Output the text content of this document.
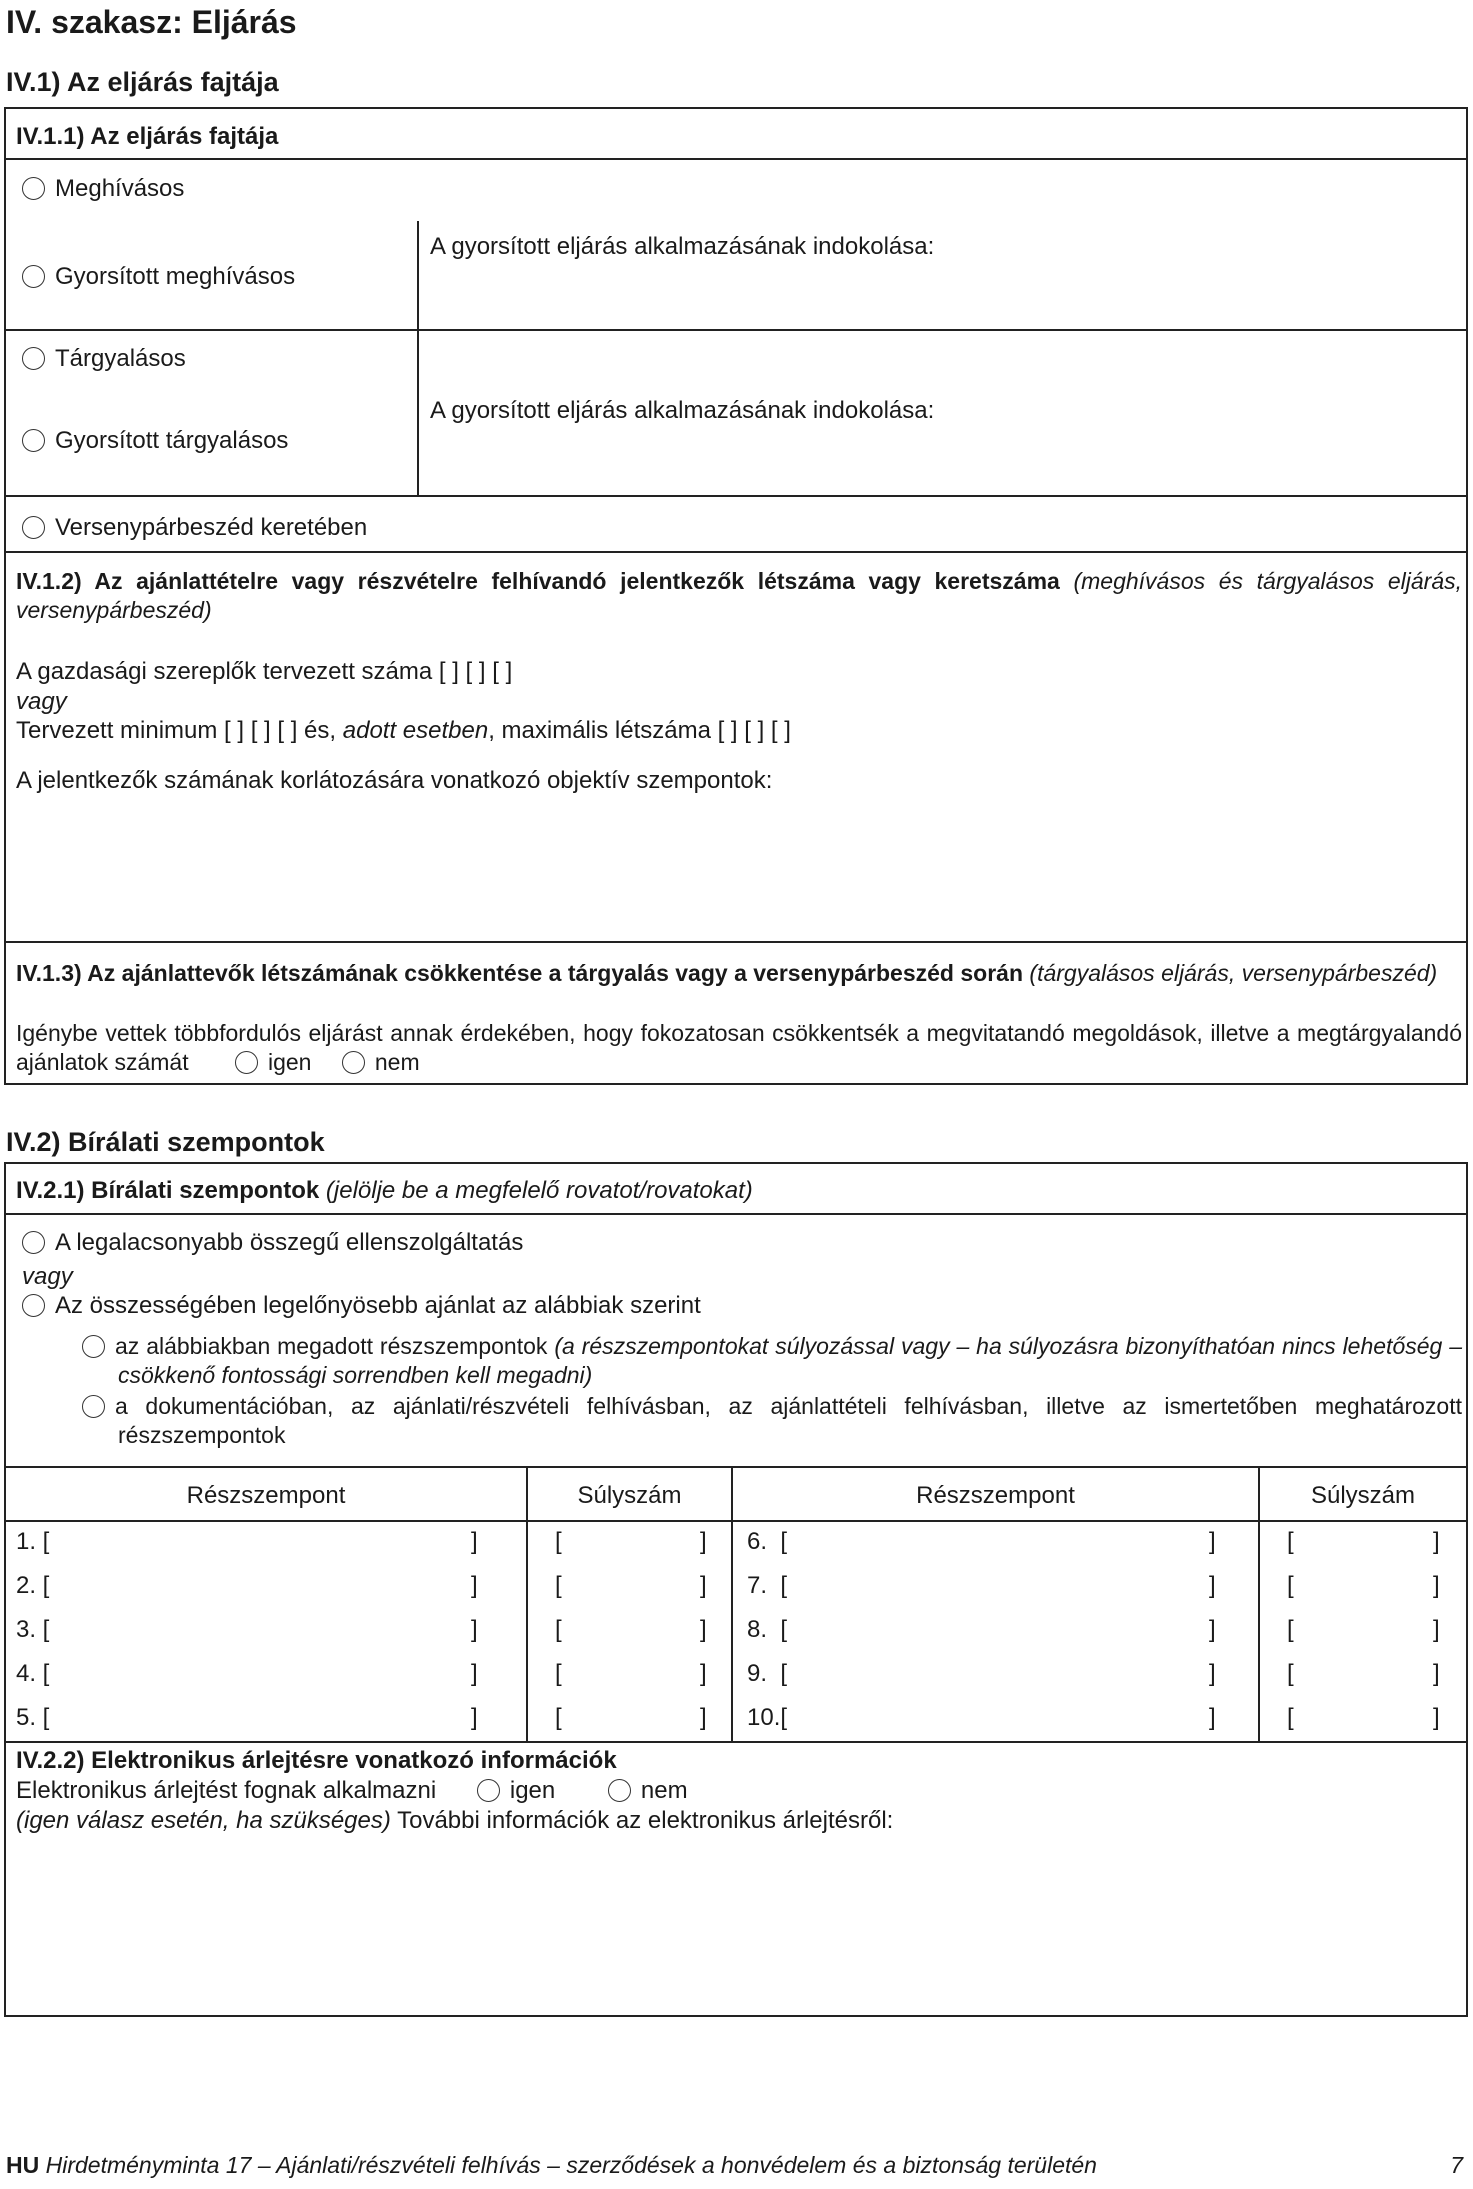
IV. szakasz: Eljárás
IV.1) Az eljárás fajtája
IV.1.1) Az eljárás fajtája
Meghívásos
Gyorsított meghívásos
A gyorsított eljárás alkalmazásának indokolása:
Tárgyalásos
Gyorsított tárgyalásos
A gyorsított eljárás alkalmazásának indokolása:
Versenypárbeszéd keretében
IV.1.2) Az ajánlattételre vagy részvételre felhívandó jelentkezők létszáma vagy keretszáma (meghívásos és tárgyalásos eljárás, versenypárbeszéd)
A gazdasági szereplők tervezett száma [ ] [ ] [ ]
vagy
Tervezett minimum [ ] [ ] [ ] és, adott esetben, maximális létszáma [ ] [ ] [ ]
A jelentkezők számának korlátozására vonatkozó objektív szempontok:
IV.1.3) Az ajánlattevők létszámának csökkentése a tárgyalás vagy a versenypárbeszéd során (tárgyalásos eljárás, versenypárbeszéd)
Igénybe vettek többfordulós eljárást annak érdekében, hogy fokozatosan csökkentsék a megvitatandó megoldások, illetve a megtárgyalandó ajánlatok számát	igen	nem
IV.2) Bírálati szempontok
IV.2.1) Bírálati szempontok (jelölje be a megfelelő rovatot/rovatokat)
A legalacsonyabb összegű ellenszolgáltatás
vagy
Az összességében legelőnyösebb ajánlat az alábbiak szerint
az alábbiakban megadott részszempontok (a részszempontokat súlyozással vagy – ha súlyozásra bizonyíthatóan nincs lehetőség – csökkenő fontossági sorrendben kell megadni)
a dokumentációban, az ajánlati/részvételi felhívásban, az ajánlattételi felhívásban, illetve az ismertetőben meghatározott részszempontok
Részszempont	Súlyszám	Részszempont	Súlyszám
1. [	]	[	] 6.  [	]	[	]
2. [	]	[	] 7.  [	]	[	]
3. [	]	[	] 8.  [	]	[	]
4. [	]	[	] 9.  [	]	[	]
5. [	]	[	] 10.[	]	[	]
IV.2.2) Elektronikus árlejtésre vonatkozó információk
Elektronikus árlejtést fognak alkalmazni	igen	nem
(igen válasz esetén, ha szükséges) További információk az elektronikus árlejtésről:
HU Hirdetményminta 17 – Ajánlati/részvételi felhívás – szerződések a honvédelem és a biztonság területén	7
